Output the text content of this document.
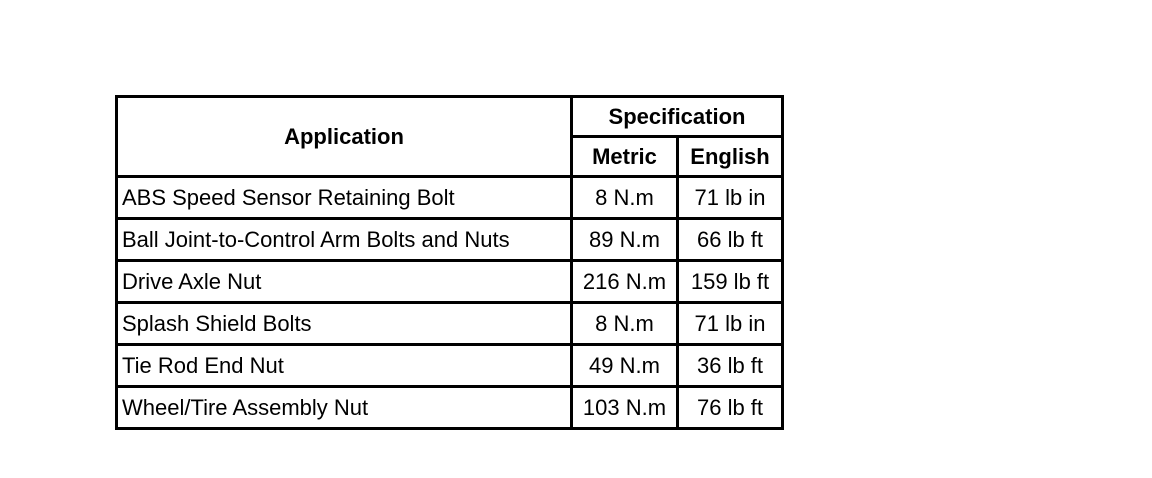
Application	Specification	
	Metric	English
ABS Speed Sensor Retaining Bolt	8 N.m	71 lb in
Ball Joint-to-Control Arm Bolts and Nuts	89 N.m	66 lb ft
Drive Axle Nut	216 N.m	159 lb ft
Splash Shield Bolts	8 N.m	71 lb in
Tie Rod End Nut	49 N.m	36 lb ft
Wheel/Tire Assembly Nut	103 N.m	76 lb ft
